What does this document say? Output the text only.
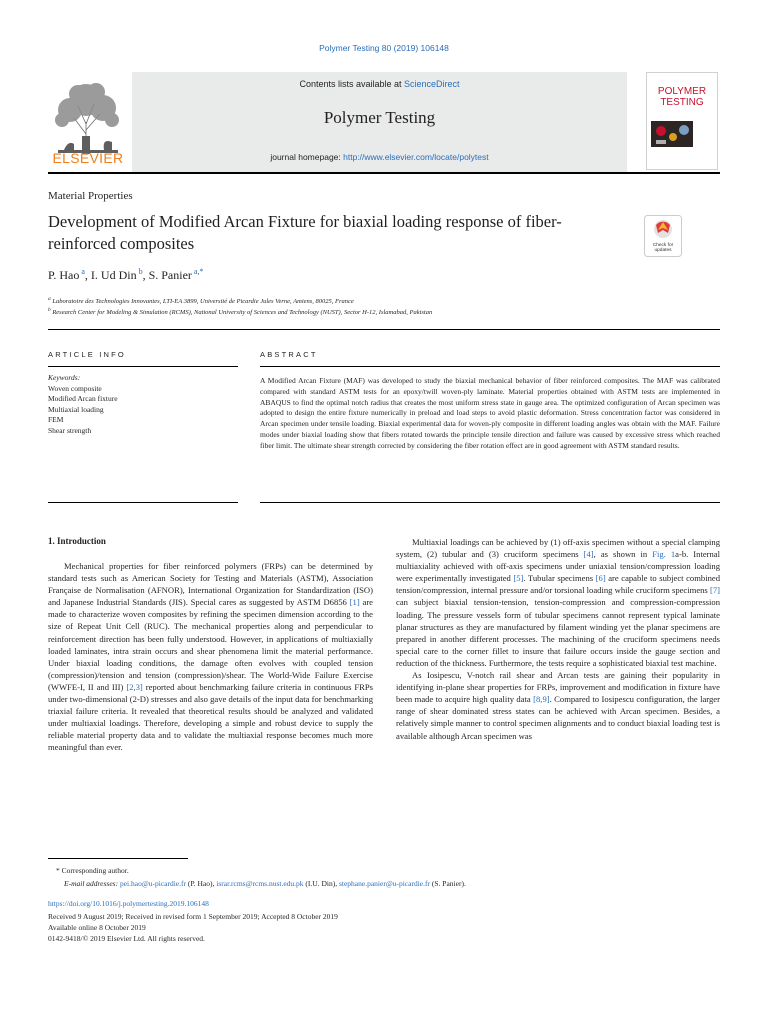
Polymer Testing 80 (2019) 106148
ELSEVIER
Contents lists available at ScienceDirect
Polymer Testing
journal homepage: http://www.elsevier.com/locate/polytest
POLYMER TESTING
Material Properties
Development of Modified Arcan Fixture for biaxial loading response of fiber-reinforced composites	Check for updates
P. Hao $^a$, I. Ud Din $^b$, S. Panier $^{a,*}$
$^a$ Laboratoire des Technologies Innovantes, LTI-EA 3899, Université de Picardie Jules Verne, Amiens, 80025, France
$^b$ Research Center for Modeling & Simulation (RCMS), National University of Sciences and Technology (NUST), Sector H-12, Islamabad, Pakistan
ARTICLE INFO	ABSTRACT
Keywords:
Woven composite
Modified Arcan fixture
Multiaxial loading
FEM
Shear strength
A Modified Arcan Fixture (MAF) was developed to study the biaxial mechanical behavior of fiber reinforced composites. The MAF was calibrated compared with standard ASTM tests for an epoxy/twill woven-ply laminate. Material properties obtained with ASTM tests are implemented in ABAQUS to find the optimal notch radius that creates the most uniform stress state in gauge area. The optimized configuration of Arcan specimen was adopted to design the entire fixture numerically in preload and load steps to avoid plastic deformation. Stress concentration factor was considered in Arcan specimen under tensile loading. Biaxial experimental data for woven-ply composite in different loading angles was obtain with the MAF. Failure modes under biaxial loading show that fibers rotated towards the principle tensile direction and failure was caused by excessive stress which reached fiber limit. The ultimate shear strength corrected by considering the fiber rotation effect are in good agreement with ASTM standard results.
1. Introduction

Mechanical properties for fiber reinforced polymers (FRPs) can be determined by standard tests such as American Society for Testing and Materials (ASTM), Association Française de Normalisation (AFNOR), International Organization for Standardization (ISO) and Japanese Industrial Standards (JIS). Special cares as suggested by ASTM D6856 [1] are made to characterize woven composites by refining the specimen dimension according to the size of Repeat Unit Cell (RUC). The mechanical properties along and perpendicular to reinforcement direction has been fully understood. However, in applications of multiaxially loaded laminates, intra strain occurs and shear phenomena limit the material performance. Under biaxial loading conditions, the damage often evolves with coupled tension (compression)/tension and tension (compression)/shear. The World-Wide Failure Exercise (WWFE-I, II and III) [2,3] reported about benchmarking failure criteria in continuous FRPs under two-dimensional (2-D) stresses and also gave details of the input data for benchmarking triaxial failure criteria. It revealed that theoretical results should be analyzed and validated under multiaxial loadings. Therefore, developing a simple and robust device to supply the reliable material property data and to validate the multiaxial response becomes much more meaningful than ever.

Multiaxial loadings can be achieved by (1) off-axis specimen without a special clamping system, (2) tubular and (3) cruciform specimens [4], as shown in Fig. 1a-b. Internal multiaxiality achieved with off-axis specimens under uniaxial tension/compression loading were experimentally investigated [5]. Tubular specimens [6] are capable to subject combined tension/compression, internal pressure and/or torsional loading while cruciform specimens [7] can subject biaxial tension-tension, tension-compression and compression-compression loading. The pressure vessels form of tubular specimens cannot represent typical laminate planar structures as they are manufactured by filament winding yet the planar specimens are prepared in another different processes. The machining of the cruciform specimens needs special care to the corner fillet to insure that failure occurs inside the gauge section and reduction of the thickness. Furthermore, the tests require a sophisticated biaxial test machine.

As Iosipescu, V-notch rail shear and Arcan tests are gaining their popularity in identifying in-plane shear properties for FRPs, improvement and modification in fixture have been made to acquire high quality data [8,9]. Compared to Iosipescu configuration, the larger range of shear dominated stress states can be achieved with Arcan specimen. Besides, a relatively simple manner to control specimen alignments and to conduct biaxial loading test is available although Arcan specimen was

* Corresponding author.
E-mail addresses: pei.hao@u-picardie.fr (P. Hao), israr.rcms@rcms.nust.edu.pk (I.U. Din), stephane.panier@u-picardie.fr (S. Panier).
https://doi.org/10.1016/j.polymertesting.2019.106148
Received 9 August 2019; Received in revised form 1 September 2019; Accepted 8 October 2019
Available online 8 October 2019
0142-9418/© 2019 Elsevier Ltd. All rights reserved.
